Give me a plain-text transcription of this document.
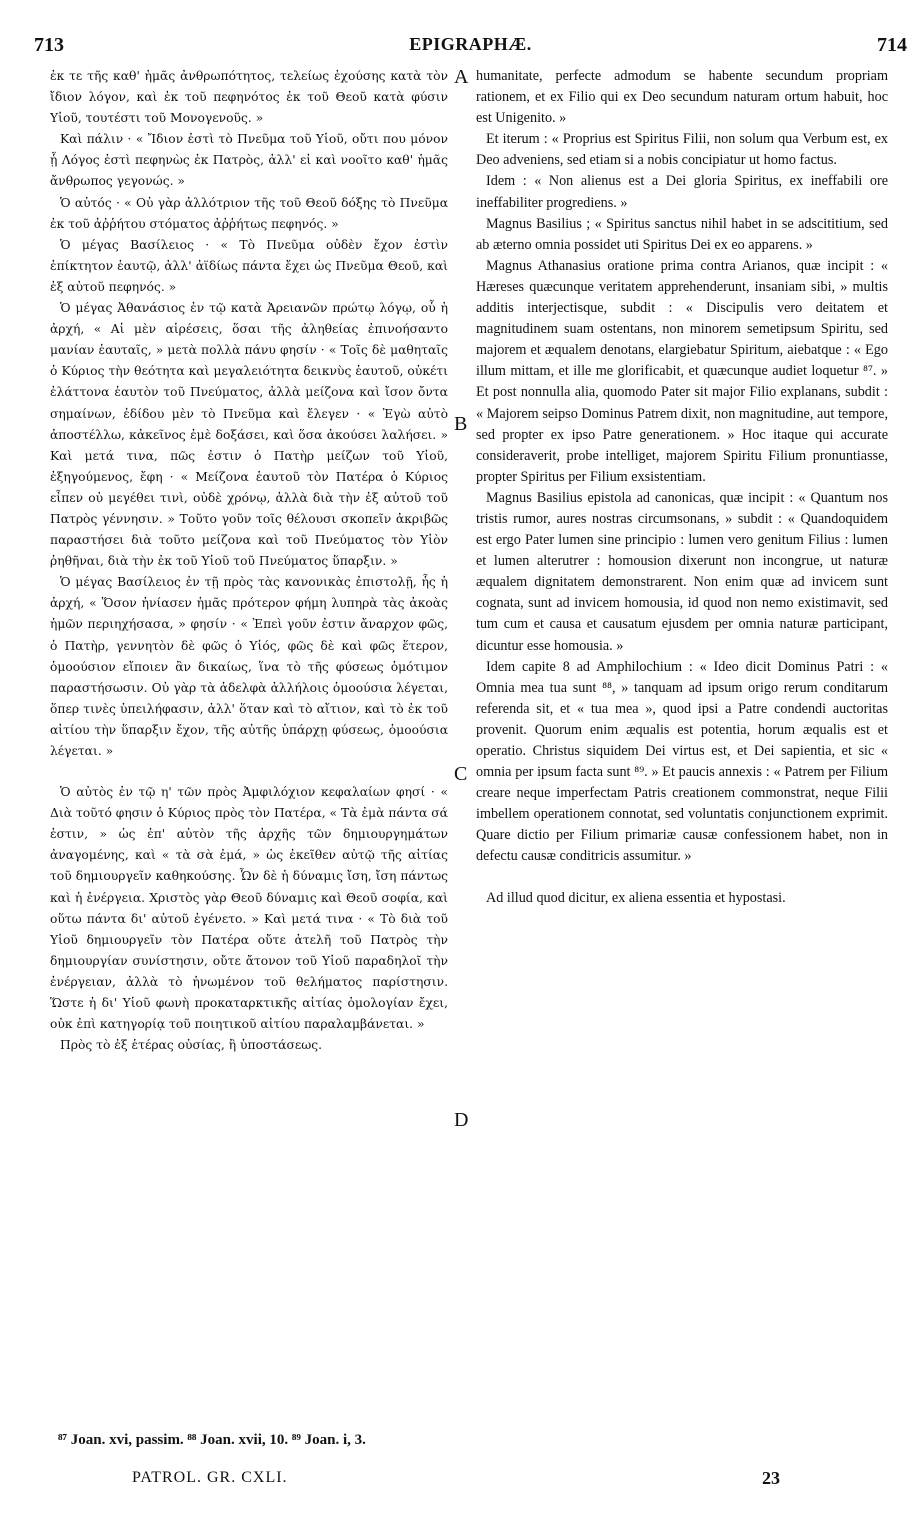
713	EPIGRAPHÆ.	714

ἐκ τε τῆς καθ' ἡμᾶς ἀνθρωπότητος, τελείως ἐχούσης κατὰ τὸν ἴδιον λόγον, καὶ ἐκ τοῦ πεφηνότος ἐκ τοῦ Θεοῦ κατὰ φύσιν Υἱοῦ, τουτέστι τοῦ Μονογενοῦς. »

Καὶ πάλιν · « Ἴδιον ἐστὶ τὸ Πνεῦμα τοῦ Υἱοῦ, οὔτι που μόνον ᾗ Λόγος ἐστὶ πεφηνὼς ἐκ Πατρὸς, ἀλλ' εἰ καὶ νοοῖτο καθ' ἡμᾶς ἄνθρωπος γεγονώς. »

Ὁ αὐτός · « Οὐ γὰρ ἀλλότριον τῆς τοῦ Θεοῦ δόξης τὸ Πνεῦμα ἐκ τοῦ ἀῤῥήτου στόματος ἀῤῥήτως πεφηνός. »

Ὁ μέγας Βασίλειος · « Τὸ Πνεῦμα οὐδὲν ἔχον ἐστὶν ἐπίκτητον ἑαυτῷ, ἀλλ' ἀϊδίως πάντα ἔχει ὡς Πνεῦμα Θεοῦ, καὶ ἐξ αὐτοῦ πεφηνός. »

Ὁ μέγας Ἀθανάσιος ἐν τῷ κατὰ Ἀρειανῶν πρώτῳ λόγῳ, οὗ ἡ ἀρχή, « Αἱ μὲν αἱρέσεις, ὅσαι τῆς ἀληθείας ἐπινοήσαντο μανίαν ἑαυταῖς, » μετὰ πολλὰ πάνυ φησίν · « Τοῖς δὲ μαθηταῖς ὁ Κύριος τὴν θεότητα καὶ μεγαλειότητα δεικνὺς ἑαυτοῦ, οὐκέτι ἐλάττονα ἑαυτὸν τοῦ Πνεύματος, ἀλλὰ μείζονα καὶ ἴσον ὄντα σημαίνων, ἐδίδου μὲν τὸ Πνεῦμα καὶ ἔλεγεν · « Ἐγὼ αὐτὸ ἀποστέλλω, κἀκεῖνος ἐμὲ δοξάσει, καὶ ὅσα ἀκούσει λαλήσει. » Καὶ μετά τινα, πῶς ἐστιν ὁ Πατὴρ μείζων τοῦ Υἱοῦ, ἐξηγούμενος, ἔφη · « Μείζονα ἑαυτοῦ τὸν Πατέρα ὁ Κύριος εἶπεν οὐ μεγέθει τινὶ, οὐδὲ χρόνῳ, ἀλλὰ διὰ τὴν ἐξ αὐτοῦ τοῦ Πατρὸς γέννησιν. » Τοῦτο γοῦν τοῖς θέλουσι σκοπεῖν ἀκριβῶς παραστήσει διὰ τοῦτο μείζονα καὶ τοῦ Πνεύματος τὸν Υἱὸν ῥηθῆναι, διὰ τὴν ἐκ τοῦ Υἱοῦ τοῦ Πνεύματος ὕπαρξιν. »

Ὁ μέγας Βασίλειος ἐν τῇ πρὸς τὰς κανονικὰς ἐπιστολῇ, ἧς ἡ ἀρχή, « Ὅσον ἠνίασεν ἡμᾶς πρότερον φήμη λυπηρὰ τὰς ἀκοὰς ἡμῶν περιηχήσασα, » φησίν · « Ἐπεὶ γοῦν ἐστιν ἄναρχον φῶς, ὁ Πατὴρ, γεννητὸν δὲ φῶς ὁ Υἱός, φῶς δὲ καὶ φῶς ἕτερον, ὁμοούσιον εἴποιεν ἂν δικαίως, ἵνα τὸ τῆς φύσεως ὁμότιμον παραστήσωσιν. Οὐ γὰρ τὰ ἀδελφὰ ἀλλήλοις ὁμοούσια λέγεται, ὅπερ τινὲς ὑπειλήφασιν, ἀλλ' ὅταν καὶ τὸ αἴτιον, καὶ τὸ ἐκ τοῦ αἰτίου τὴν ὕπαρξιν ἔχον, τῆς αὐτῆς ὑπάρχῃ φύσεως, ὁμοούσια λέγεται. »

Ὁ αὐτὸς ἐν τῷ η' τῶν πρὸς Ἀμφιλόχιον κεφαλαίων φησί · « Διὰ τοῦτό φησιν ὁ Κύριος πρὸς τὸν Πατέρα, « Τὰ ἐμὰ πάντα σά ἐστιν, » ὡς ἐπ' αὐτὸν τῆς ἀρχῆς τῶν δημιουργημάτων ἀναγομένης, καὶ « τὰ σὰ ἐμά, » ὡς ἐκεῖθεν αὐτῷ τῆς αἰτίας τοῦ δημιουργεῖν καθηκούσης. Ὧν δὲ ἡ δύναμις ἴση, ἴση πάντως καὶ ἡ ἐνέργεια. Χριστὸς γὰρ Θεοῦ δύναμις καὶ Θεοῦ σοφία, καὶ οὕτω πάντα δι' αὐτοῦ ἐγένετο. » Καὶ μετά τινα · « Τὸ διὰ τοῦ Υἱοῦ δημιουργεῖν τὸν Πατέρα οὔτε ἀτελῆ τοῦ Πατρὸς τὴν δημιουργίαν συνίστησιν, οὔτε ἄτονον τοῦ Υἱοῦ παραδηλοῖ τὴν ἐνέργειαν, ἀλλὰ τὸ ἡνωμένον τοῦ θελήματος παρίστησιν. Ὥστε ἡ δι' Υἱοῦ φωνὴ προκαταρκτικῆς αἰτίας ὁμολογίαν ἔχει, οὐκ ἐπὶ κατηγορίᾳ τοῦ ποιητικοῦ αἰτίου παραλαμβάνεται. »

Πρὸς τὸ ἐξ ἑτέρας οὐσίας, ἢ ὑποστάσεως.

A
B
C
D

humanitate, perfecte admodum se habente secundum propriam rationem, et ex Filio qui ex Deo secundum naturam ortum habuit, hoc est Unigenito. »

Et iterum : « Proprius est Spiritus Filii, non solum qua Verbum est, ex Deo adveniens, sed etiam si a nobis concipiatur ut homo factus.

Idem : « Non alienus est a Dei gloria Spiritus, ex ineffabili ore ineffabiliter progrediens. »

Magnus Basilius ; « Spiritus sanctus nihil habet in se adscititium, sed ab æterno omnia possidet uti Spiritus Dei ex eo apparens. »

Magnus Athanasius oratione prima contra Arianos, quæ incipit : « Hæreses quæcunque veritatem apprehenderunt, insaniam sibi, » multis additis interjectisque, subdit : « Discipulis vero deitatem et magnitudinem suam ostentans, non minorem semetipsum Spiritu, sed majorem et æqualem denotans, elargiebatur Spiritum, aiebatque : « Ego illum mittam, et ille me glorificabit, et quæcunque audiet loquetur ⁸⁷. » Et post nonnulla alia, quomodo Pater sit major Filio explanans, subdit : « Majorem seipso Dominus Patrem dixit, non magnitudine, aut tempore, sed propter ex ipso Patre generationem. » Hoc itaque qui accurate consideraverit, probe intelliget, majorem Spiritu Filium pronuntiasse, propter Spiritus per Filium exsistentiam.

Magnus Basilius epistola ad canonicas, quæ incipit : « Quantum nos tristis rumor, aures nostras circumsonans, » subdit : « Quandoquidem est ergo Pater lumen sine principio : lumen vero genitum Filius : lumen et lumen alterutrer : homousion dixerunt non incongrue, ut naturæ æqualem dignitatem demonstrarent. Non enim quæ ad invicem sunt cognata, sunt ad invicem homousia, id quod non nemo existimavit, sed tum cum et causa et causatum ejusdem per omnia naturæ participant, dicuntur esse homousia. »

Idem capite 8 ad Amphilochium : « Ideo dicit Dominus Patri : « Omnia mea tua sunt ⁸⁸, » tanquam ad ipsum origo rerum conditarum referenda sit, et « tua mea », quod ipsi a Patre condendi auctoritas provenit. Quorum enim æqualis est potentia, horum æqualis est et operatio. Christus siquidem Dei virtus est, et Dei sapientia, et sic « omnia per ipsum facta sunt ⁸⁹. » Et paucis annexis : « Patrem per Filium creare neque imperfectam Patris creationem commonstrat, neque Filii imbellem operationem connotat, sed voluntatis conjunctionem exprimit. Quare dictio per Filium primariæ causæ confessionem habet, non in defectu causæ conditricis assumitur. »

Ad illud quod dicitur, ex aliena essentia et hypostasi.

⁸⁷ Joan. xvi, passim. ⁸⁸ Joan. xvii, 10. ⁸⁹ Joan. i, 3.
PATROL. GR. CXLI.	23
